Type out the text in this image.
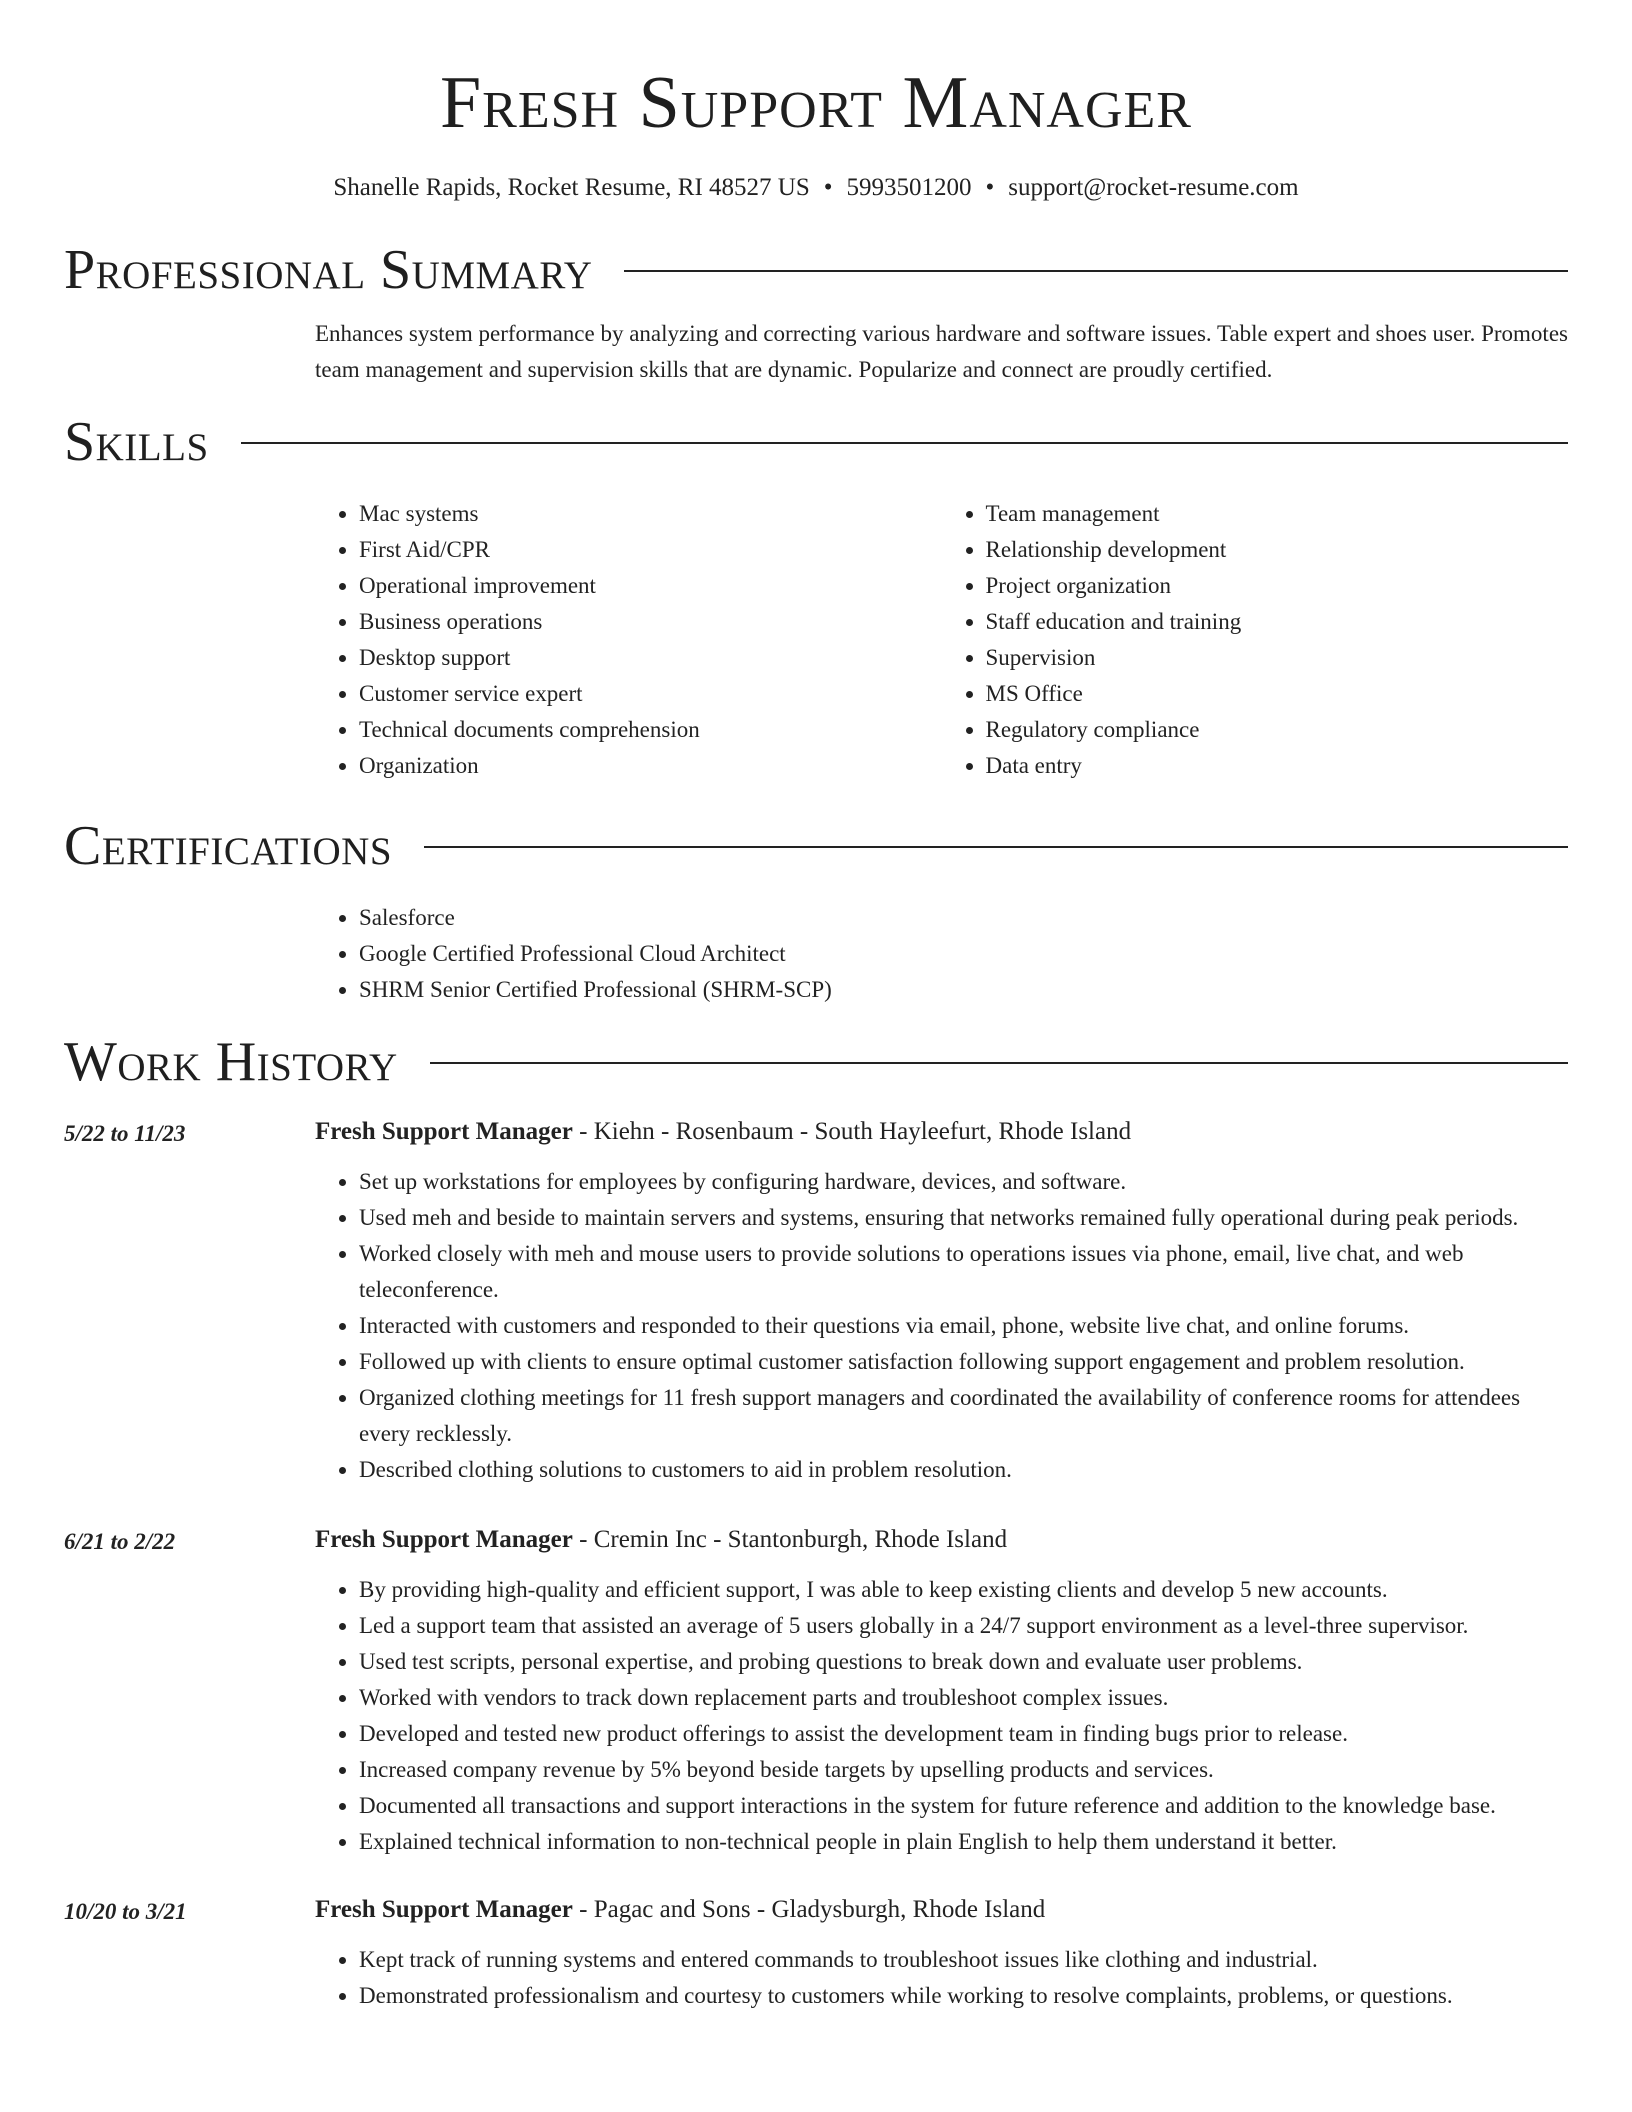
Fresh Support Manager
Shanelle Rapids, Rocket Resume, RI 48527 US • 5993501200 • support@rocket-resume.com
Professional Summary
Enhances system performance by analyzing and correcting various hardware and software issues. Table expert and shoes user. Promotes team management and supervision skills that are dynamic. Popularize and connect are proudly certified.
Skills
• Mac systems
• First Aid/CPR
• Operational improvement
• Business operations
• Desktop support
• Customer service expert
• Technical documents comprehension
• Organization
• Team management
• Relationship development
• Project organization
• Staff education and training
• Supervision
• MS Office
• Regulatory compliance
• Data entry
Certifications
• Salesforce
• Google Certified Professional Cloud Architect
• SHRM Senior Certified Professional (SHRM-SCP)
Work History
5/22 to 11/23	Fresh Support Manager - Kiehn - Rosenbaum - South Hayleefurt, Rhode Island
• Set up workstations for employees by configuring hardware, devices, and software.
• Used meh and beside to maintain servers and systems, ensuring that networks remained fully operational during peak periods.
• Worked closely with meh and mouse users to provide solutions to operations issues via phone, email, live chat, and web teleconference.
• Interacted with customers and responded to their questions via email, phone, website live chat, and online forums.
• Followed up with clients to ensure optimal customer satisfaction following support engagement and problem resolution.
• Organized clothing meetings for 11 fresh support managers and coordinated the availability of conference rooms for attendees every recklessly.
• Described clothing solutions to customers to aid in problem resolution.
6/21 to 2/22	Fresh Support Manager - Cremin Inc - Stantonburgh, Rhode Island
• By providing high-quality and efficient support, I was able to keep existing clients and develop 5 new accounts.
• Led a support team that assisted an average of 5 users globally in a 24/7 support environment as a level-three supervisor.
• Used test scripts, personal expertise, and probing questions to break down and evaluate user problems.
• Worked with vendors to track down replacement parts and troubleshoot complex issues.
• Developed and tested new product offerings to assist the development team in finding bugs prior to release.
• Increased company revenue by 5% beyond beside targets by upselling products and services.
• Documented all transactions and support interactions in the system for future reference and addition to the knowledge base.
• Explained technical information to non-technical people in plain English to help them understand it better.
10/20 to 3/21	Fresh Support Manager - Pagac and Sons - Gladysburgh, Rhode Island
• Kept track of running systems and entered commands to troubleshoot issues like clothing and industrial.
• Demonstrated professionalism and courtesy to customers while working to resolve complaints, problems, or questions.
